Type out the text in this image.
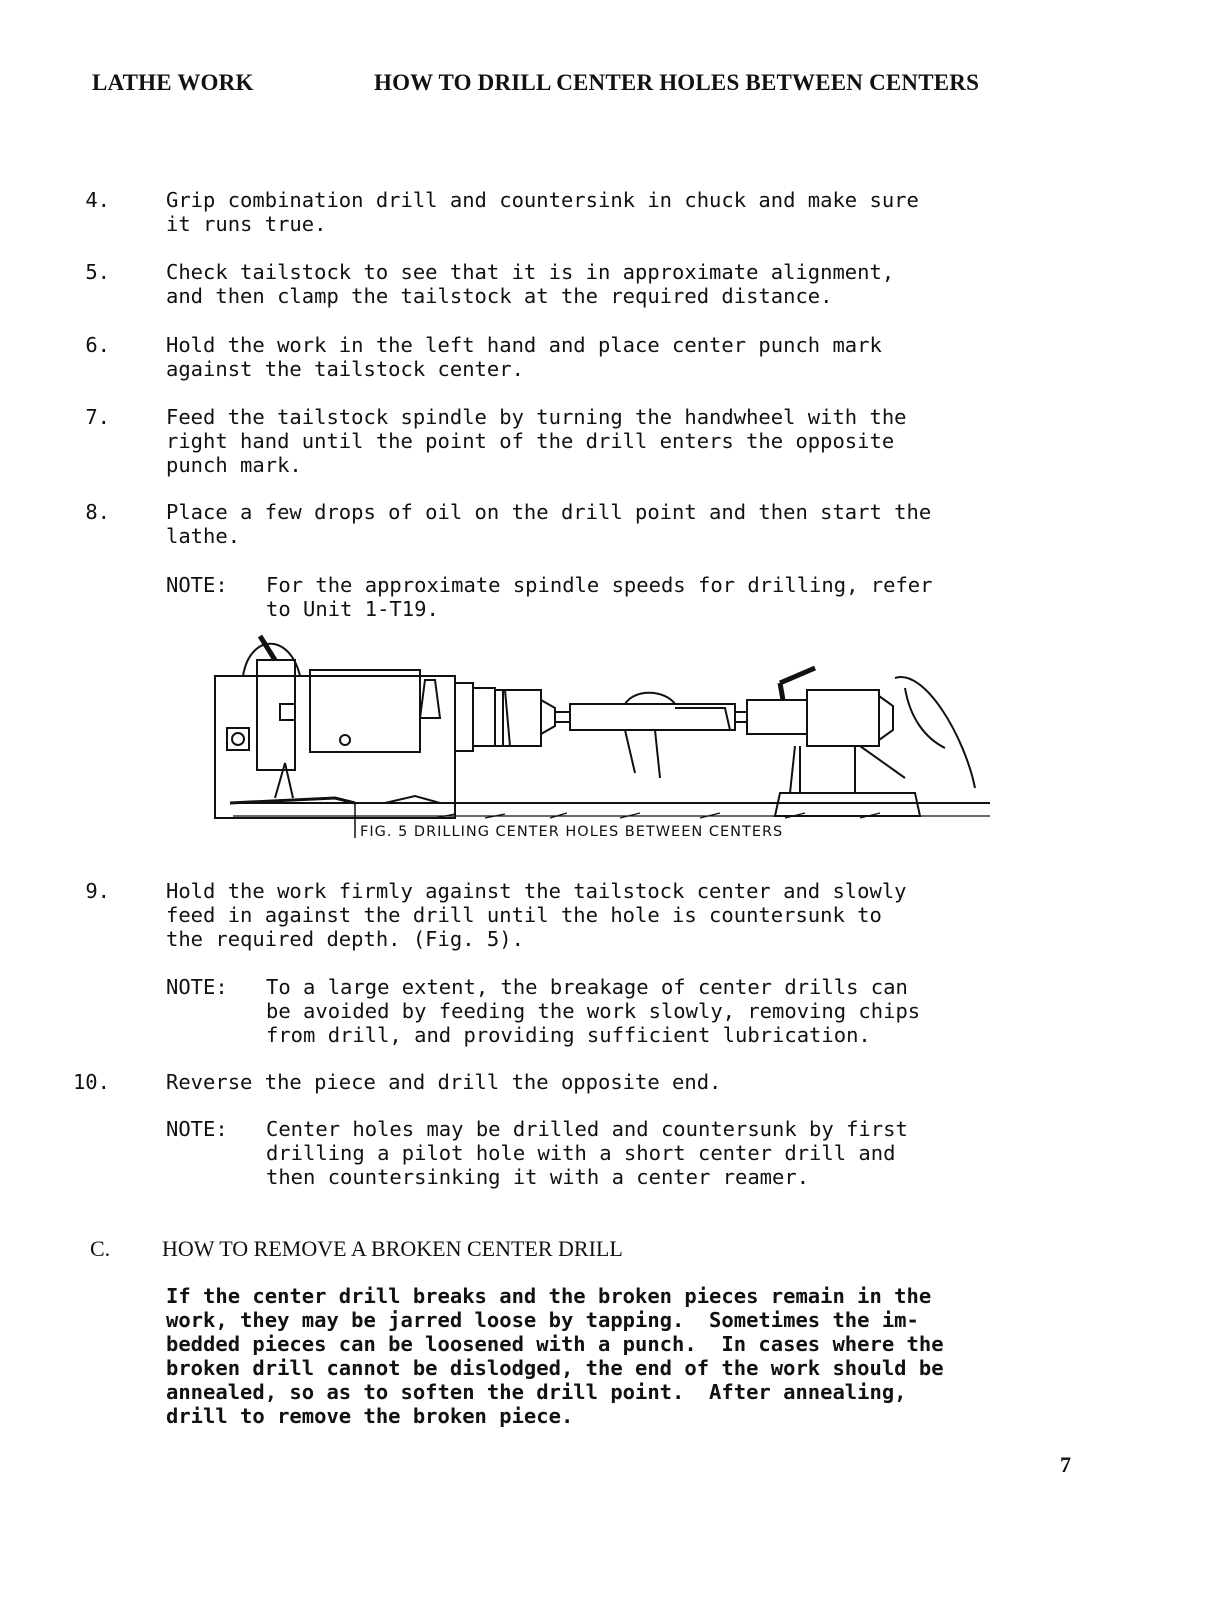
LATHE WORK	HOW TO DRILL CENTER HOLES BETWEEN CENTERS
4.	Grip combination drill and countersink in chuck and make sure
it runs true.
5.	Check tailstock to see that it is in approximate alignment,
and then clamp the tailstock at the required distance.
6.	Hold the work in the left hand and place center punch mark
against the tailstock center.
7.	Feed the tailstock spindle by turning the handwheel with the
right hand until the point of the drill enters the opposite
punch mark.
8.	Place a few drops of oil on the drill point and then start the
lathe.
NOTE: For the approximate spindle speeds for drilling, refer
to Unit 1-T19.
FIG. 5 DRILLING CENTER HOLES BETWEEN CENTERS
9.	Hold the work firmly against the tailstock center and slowly
feed in against the drill until the hole is countersunk to
the required depth. (Fig. 5).
NOTE: To a large extent, the breakage of center drills can
be avoided by feeding the work slowly, removing chips
from drill, and providing sufficient lubrication.
10.	Reverse the piece and drill the opposite end.
NOTE: Center holes may be drilled and countersunk by first
drilling a pilot hole with a short center drill and
then countersinking it with a center reamer.
C. HOW TO REMOVE A BROKEN CENTER DRILL
If the center drill breaks and the broken pieces remain in the
work, they may be jarred loose by tapping.  Sometimes the im-
bedded pieces can be loosened with a punch.  In cases where the
broken drill cannot be dislodged, the end of the work should be
annealed, so as to soften the drill point.  After annealing,
drill to remove the broken piece.
7
